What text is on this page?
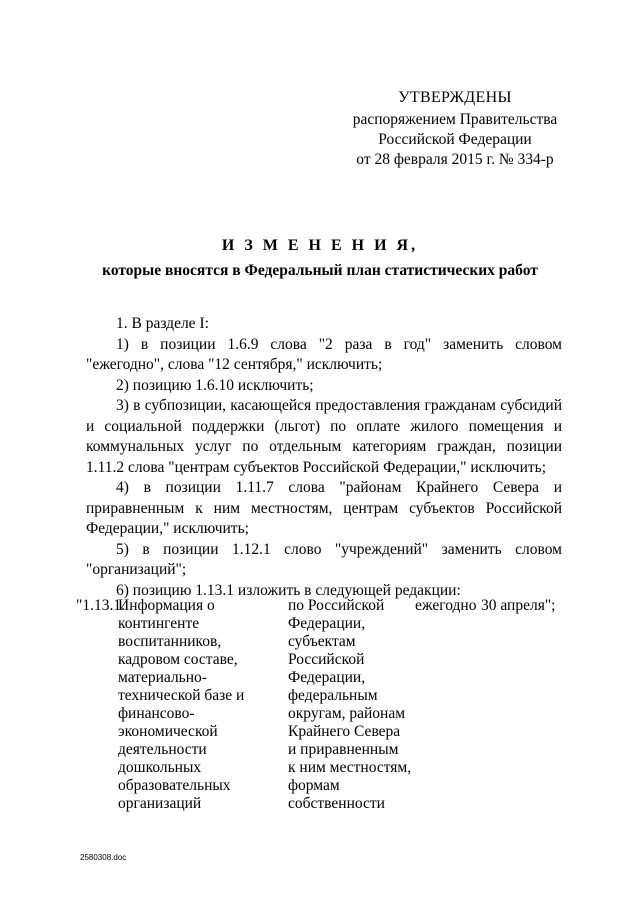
УТВЕРЖДЕНЫ
распоряжением Правительства
Российской Федерации
от 28 февраля 2015 г. № 334-р
И З М Е Н Е Н И Я,
которые вносятся в Федеральный план статистических работ

1. В разделе I:

1) в позиции 1.6.9 слова "2 раза в год" заменить словом "ежегодно", слова "12 сентября," исключить;

2) позицию 1.6.10 исключить;

3) в субпозиции, касающейся предоставления гражданам субсидий и социальной поддержки (льгот) по оплате жилого помещения и коммунальных услуг по отдельным категориям граждан, позиции 1.11.2 слова "центрам субъектов Российской Федерации," исключить;

4) в позиции 1.11.7 слова "районам Крайнего Севера и приравненным к ним местностям, центрам субъектов Российской Федерации," исключить;

5) в позиции 1.12.1 слово "учреждений" заменить словом "организаций";

6) позицию 1.13.1 изложить в следующей редакции:

"1.13.1.
Информация о
контингенте
воспитанников,
кадровом составе,
материально-
технической базе и
финансово-
экономической
деятельности
дошкольных
образовательных
организаций
по Российской
Федерации,
субъектам
Российской
Федерации,
федеральным
округам, районам
Крайнего Севера
и приравненным
к ним местностям,
формам
собственности
ежегодно 30 апреля";
2580308.doc
